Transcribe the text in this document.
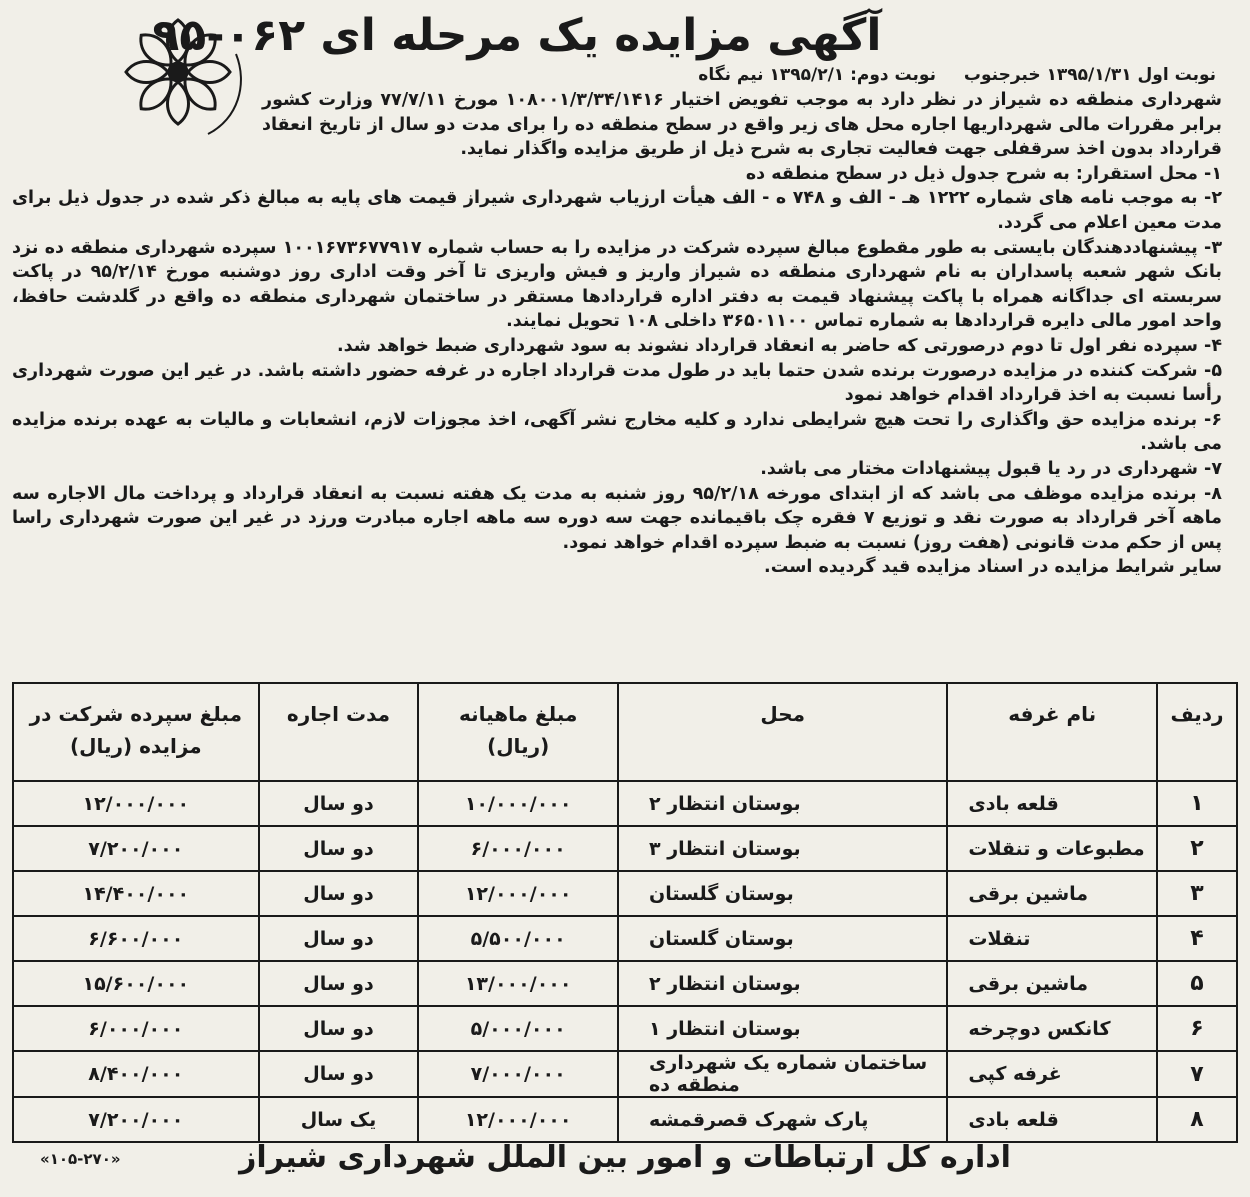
آگهی مزایده یک مرحله ای ۰۶۲-۹۵
نوبت اول ۱۳۹۵/۱/۳۱ خبرجنوب نوبت دوم: ۱۳۹۵/۲/۱ نیم نگاه

شهرداری منطقه ده شیراز در نظر دارد به موجب تفویض اختیار ۱۰۸۰۰۱/۳/۳۴/۱۴۱۶ مورخ ۷۷/۷/۱۱ وزارت کشور برابر مقررات مالی شهرداریها اجاره محل های زیر واقع در سطح منطقه ده را برای مدت دو سال از تاریخ انعقاد قرارداد بدون اخذ سرقفلی جهت فعالیت تجاری به شرح ذیل از طریق مزایده واگذار نماید.

۱- محل استقرار: به شرح جدول ذیل در سطح منطقه ده

۲- به موجب نامه های شماره ۱۲۲۲ هـ - الف و ۷۴۸ ه - الف هیأت ارزیاب شهرداری شیراز قیمت های پایه به مبالغ ذکر شده در جدول ذیل برای مدت معین اعلام می گردد.

۳- پیشنهاددهندگان بایستی به طور مقطوع مبالغ سپرده شرکت در مزایده را به حساب شماره ۱۰۰۱۶۷۳۶۷۷۹۱۷ سپرده شهرداری منطقه ده نزد بانک شهر شعبه پاسداران به نام شهرداری منطقه ده شیراز واریز و فیش واریزی تا آخر وقت اداری روز دوشنبه مورخ ۹۵/۲/۱۴ در پاکت سربسته ای جداگانه همراه با پاکت پیشنهاد قیمت به دفتر اداره قراردادها مستقر در ساختمان شهرداری منطقه ده واقع در گلدشت حافظ، واحد امور مالی دایره قراردادها به شماره تماس ۳۶۵۰۱۱۰۰ داخلی ۱۰۸ تحویل نمایند.

۴- سپرده نفر اول تا دوم درصورتی که حاضر به انعقاد قرارداد نشوند به سود شهرداری ضبط خواهد شد.

۵- شرکت کننده در مزایده درصورت برنده شدن حتما باید در طول مدت قرارداد اجاره در غرفه حضور داشته باشد. در غیر این صورت شهرداری رأسا نسبت به اخذ قرارداد اقدام خواهد نمود

۶- برنده مزایده حق واگذاری را تحت هیچ شرایطی ندارد و کلیه مخارج نشر آگهی، اخذ مجوزات لازم، انشعابات و مالیات به عهده برنده مزایده می باشد.

۷- شهرداری در رد یا قبول پیشنهادات مختار می باشد.

۸- برنده مزایده موظف می باشد که از ابتدای مورخه ۹۵/۲/۱۸ روز شنبه به مدت یک هفته نسبت به انعقاد قرارداد و پرداخت مال الاجاره سه ماهه آخر قرارداد به صورت نقد و توزیع ۷ فقره چک باقیمانده جهت سه دوره سه ماهه اجاره مبادرت ورزد در غیر این صورت شهرداری راسا پس از حکم مدت قانونی (هفت روز) نسبت به ضبط سپرده اقدام خواهد نمود.

سایر شرایط مزایده در اسناد مزایده قید گردیده است.

ردیف	نام غرفه	محل	مبلغ ماهیانه (ریال)	مدت اجاره	مبلغ سپرده شرکت در مزایده (ریال)
۱	قلعه بادی	بوستان انتظار ۲	۱۰/۰۰۰/۰۰۰	دو سال	۱۲/۰۰۰/۰۰۰
۲	مطبوعات و تنقلات	بوستان انتظار ۳	۶/۰۰۰/۰۰۰	دو سال	۷/۲۰۰/۰۰۰
۳	ماشین برقی	بوستان گلستان	۱۲/۰۰۰/۰۰۰	دو سال	۱۴/۴۰۰/۰۰۰
۴	تنقلات	بوستان گلستان	۵/۵۰۰/۰۰۰	دو سال	۶/۶۰۰/۰۰۰
۵	ماشین برقی	بوستان انتظار ۲	۱۳/۰۰۰/۰۰۰	دو سال	۱۵/۶۰۰/۰۰۰
۶	کانکس دوچرخه	بوستان انتظار ۱	۵/۰۰۰/۰۰۰	دو سال	۶/۰۰۰/۰۰۰
۷	غرفه کپی	ساختمان شماره یک شهرداری منطقه ده	۷/۰۰۰/۰۰۰	دو سال	۸/۴۰۰/۰۰۰
۸	قلعه بادی	پارک شهرک قصرقمشه	۱۲/۰۰۰/۰۰۰	یک سال	۷/۲۰۰/۰۰۰
اداره کل ارتباطات و امور بین الملل شهرداری شیراز
«۱۰۵-۲۷۰»
